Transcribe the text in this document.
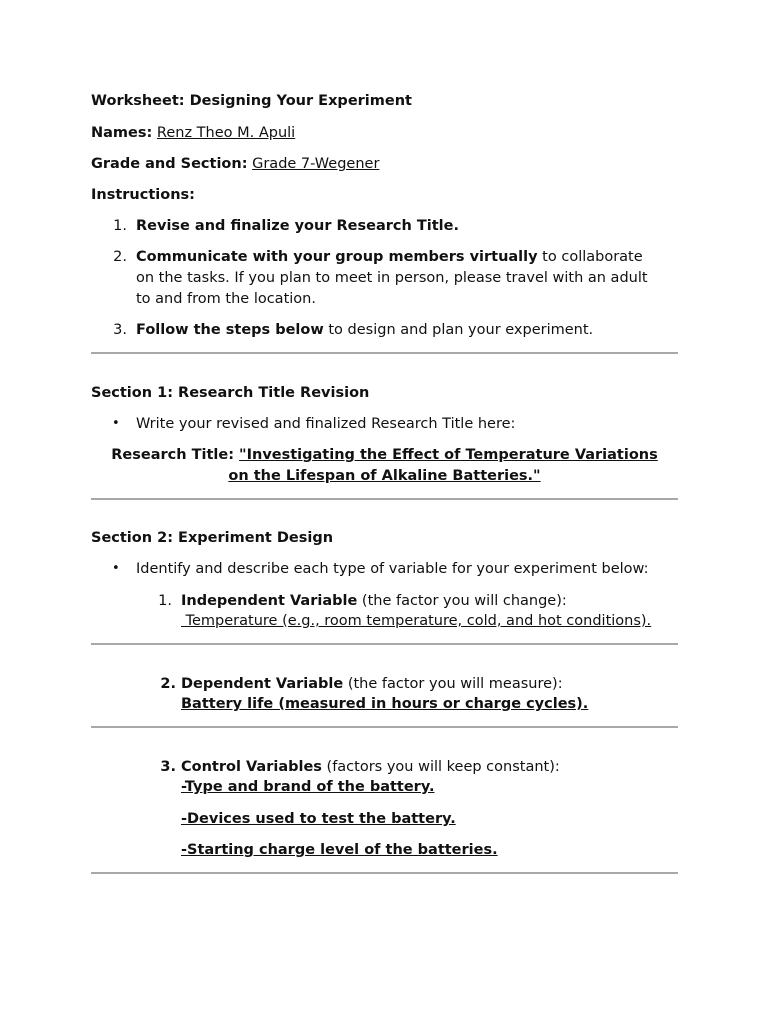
Worksheet: Designing Your Experiment
Names: Renz Theo M. Apuli
Grade and Section: Grade 7-Wegener
Instructions:
1. Revise and finalize your Research Title.
2. Communicate with your group members virtually to collaborate
on the tasks. If you plan to meet in person, please travel with an adult
to and from the location.
3. Follow the steps below to design and plan your experiment.
Section 1: Research Title Revision
• Write your revised and finalized Research Title here:
Research Title: "Investigating the Effect of Temperature Variations
on the Lifespan of Alkaline Batteries."
Section 2: Experiment Design
• Identify and describe each type of variable for your experiment below:
1. Independent Variable (the factor you will change):
Temperature (e.g., room temperature, cold, and hot conditions).
2. Dependent Variable (the factor you will measure):
Battery life (measured in hours or charge cycles).
3. Control Variables (factors you will keep constant):
-Type and brand of the battery.
-Devices used to test the battery.
-Starting charge level of the batteries.
